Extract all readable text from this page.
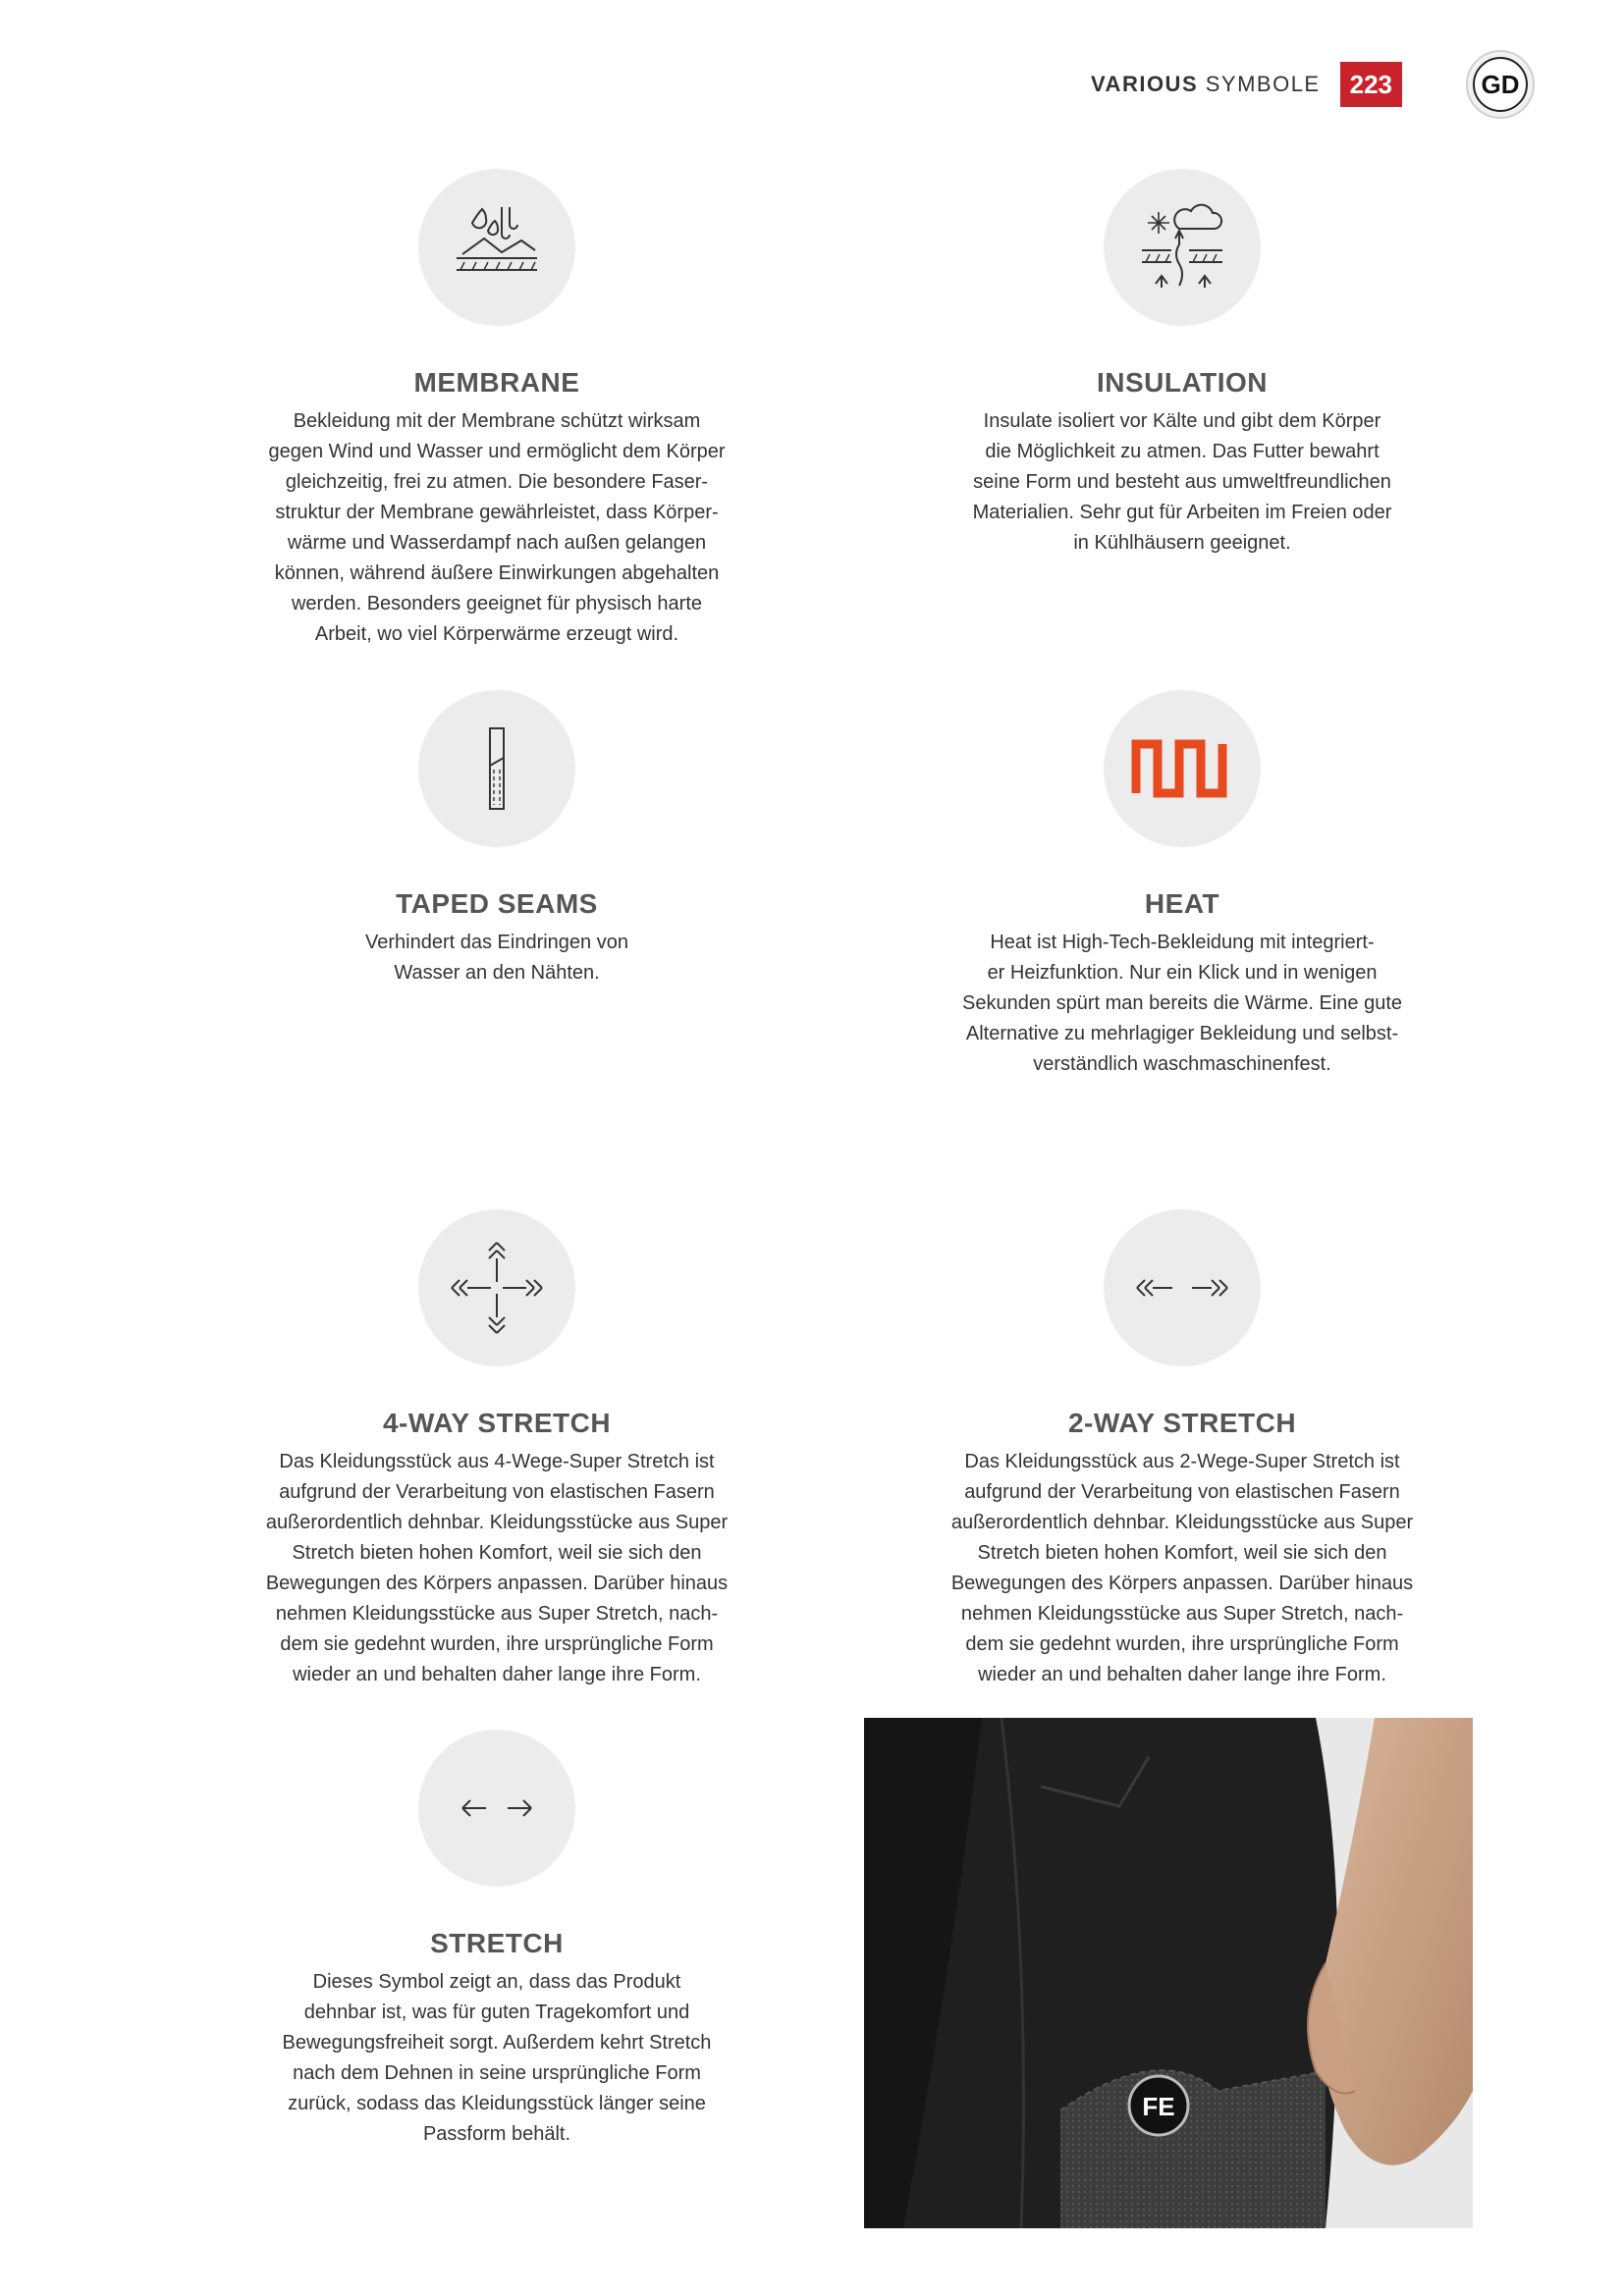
VARIOUS SYMBOLE	223	GD
MEMBRANE

Bekleidung mit der Membrane schützt wirksam
gegen Wind und Wasser und ermöglicht dem Körper
gleichzeitig, frei zu atmen. Die besondere Faser-
struktur der Membrane gewährleistet, dass Körper-
wärme und Wasserdampf nach außen gelangen
können, während äußere Einwirkungen abgehalten
werden. Besonders geeignet für physisch harte
Arbeit, wo viel Körperwärme erzeugt wird.

INSULATION

Insulate isoliert vor Kälte und gibt dem Körper
die Möglichkeit zu atmen. Das Futter bewahrt
seine Form und besteht aus umweltfreundlichen
Materialien. Sehr gut für Arbeiten im Freien oder
in Kühlhäusern geeignet.

TAPED SEAMS

Verhindert das Eindringen von
Wasser an den Nähten.

HEAT

Heat ist High-Tech-Bekleidung mit integriert-
er Heizfunktion. Nur ein Klick und in wenigen
Sekunden spürt man bereits die Wärme. Eine gute
Alternative zu mehrlagiger Bekleidung und selbst-
verständlich waschmaschinenfest.

4-WAY STRETCH

Das Kleidungsstück aus 4-Wege-Super Stretch ist
aufgrund der Verarbeitung von elastischen Fasern
außerordentlich dehnbar. Kleidungsstücke aus Super
Stretch bieten hohen Komfort, weil sie sich den
Bewegungen des Körpers anpassen. Darüber hinaus
nehmen Kleidungsstücke aus Super Stretch, nach-
dem sie gedehnt wurden, ihre ursprüngliche Form
wieder an und behalten daher lange ihre Form.

2-WAY STRETCH

Das Kleidungsstück aus 2-Wege-Super Stretch ist
aufgrund der Verarbeitung von elastischen Fasern
außerordentlich dehnbar. Kleidungsstücke aus Super
Stretch bieten hohen Komfort, weil sie sich den
Bewegungen des Körpers anpassen. Darüber hinaus
nehmen Kleidungsstücke aus Super Stretch, nach-
dem sie gedehnt wurden, ihre ursprüngliche Form
wieder an und behalten daher lange ihre Form.

STRETCH

Dieses Symbol zeigt an, dass das Produkt
dehnbar ist, was für guten Tragekomfort und
Bewegungsfreiheit sorgt. Außerdem kehrt Stretch
nach dem Dehnen in seine ursprüngliche Form
zurück, sodass das Kleidungsstück länger seine
Passform behält.

FE
